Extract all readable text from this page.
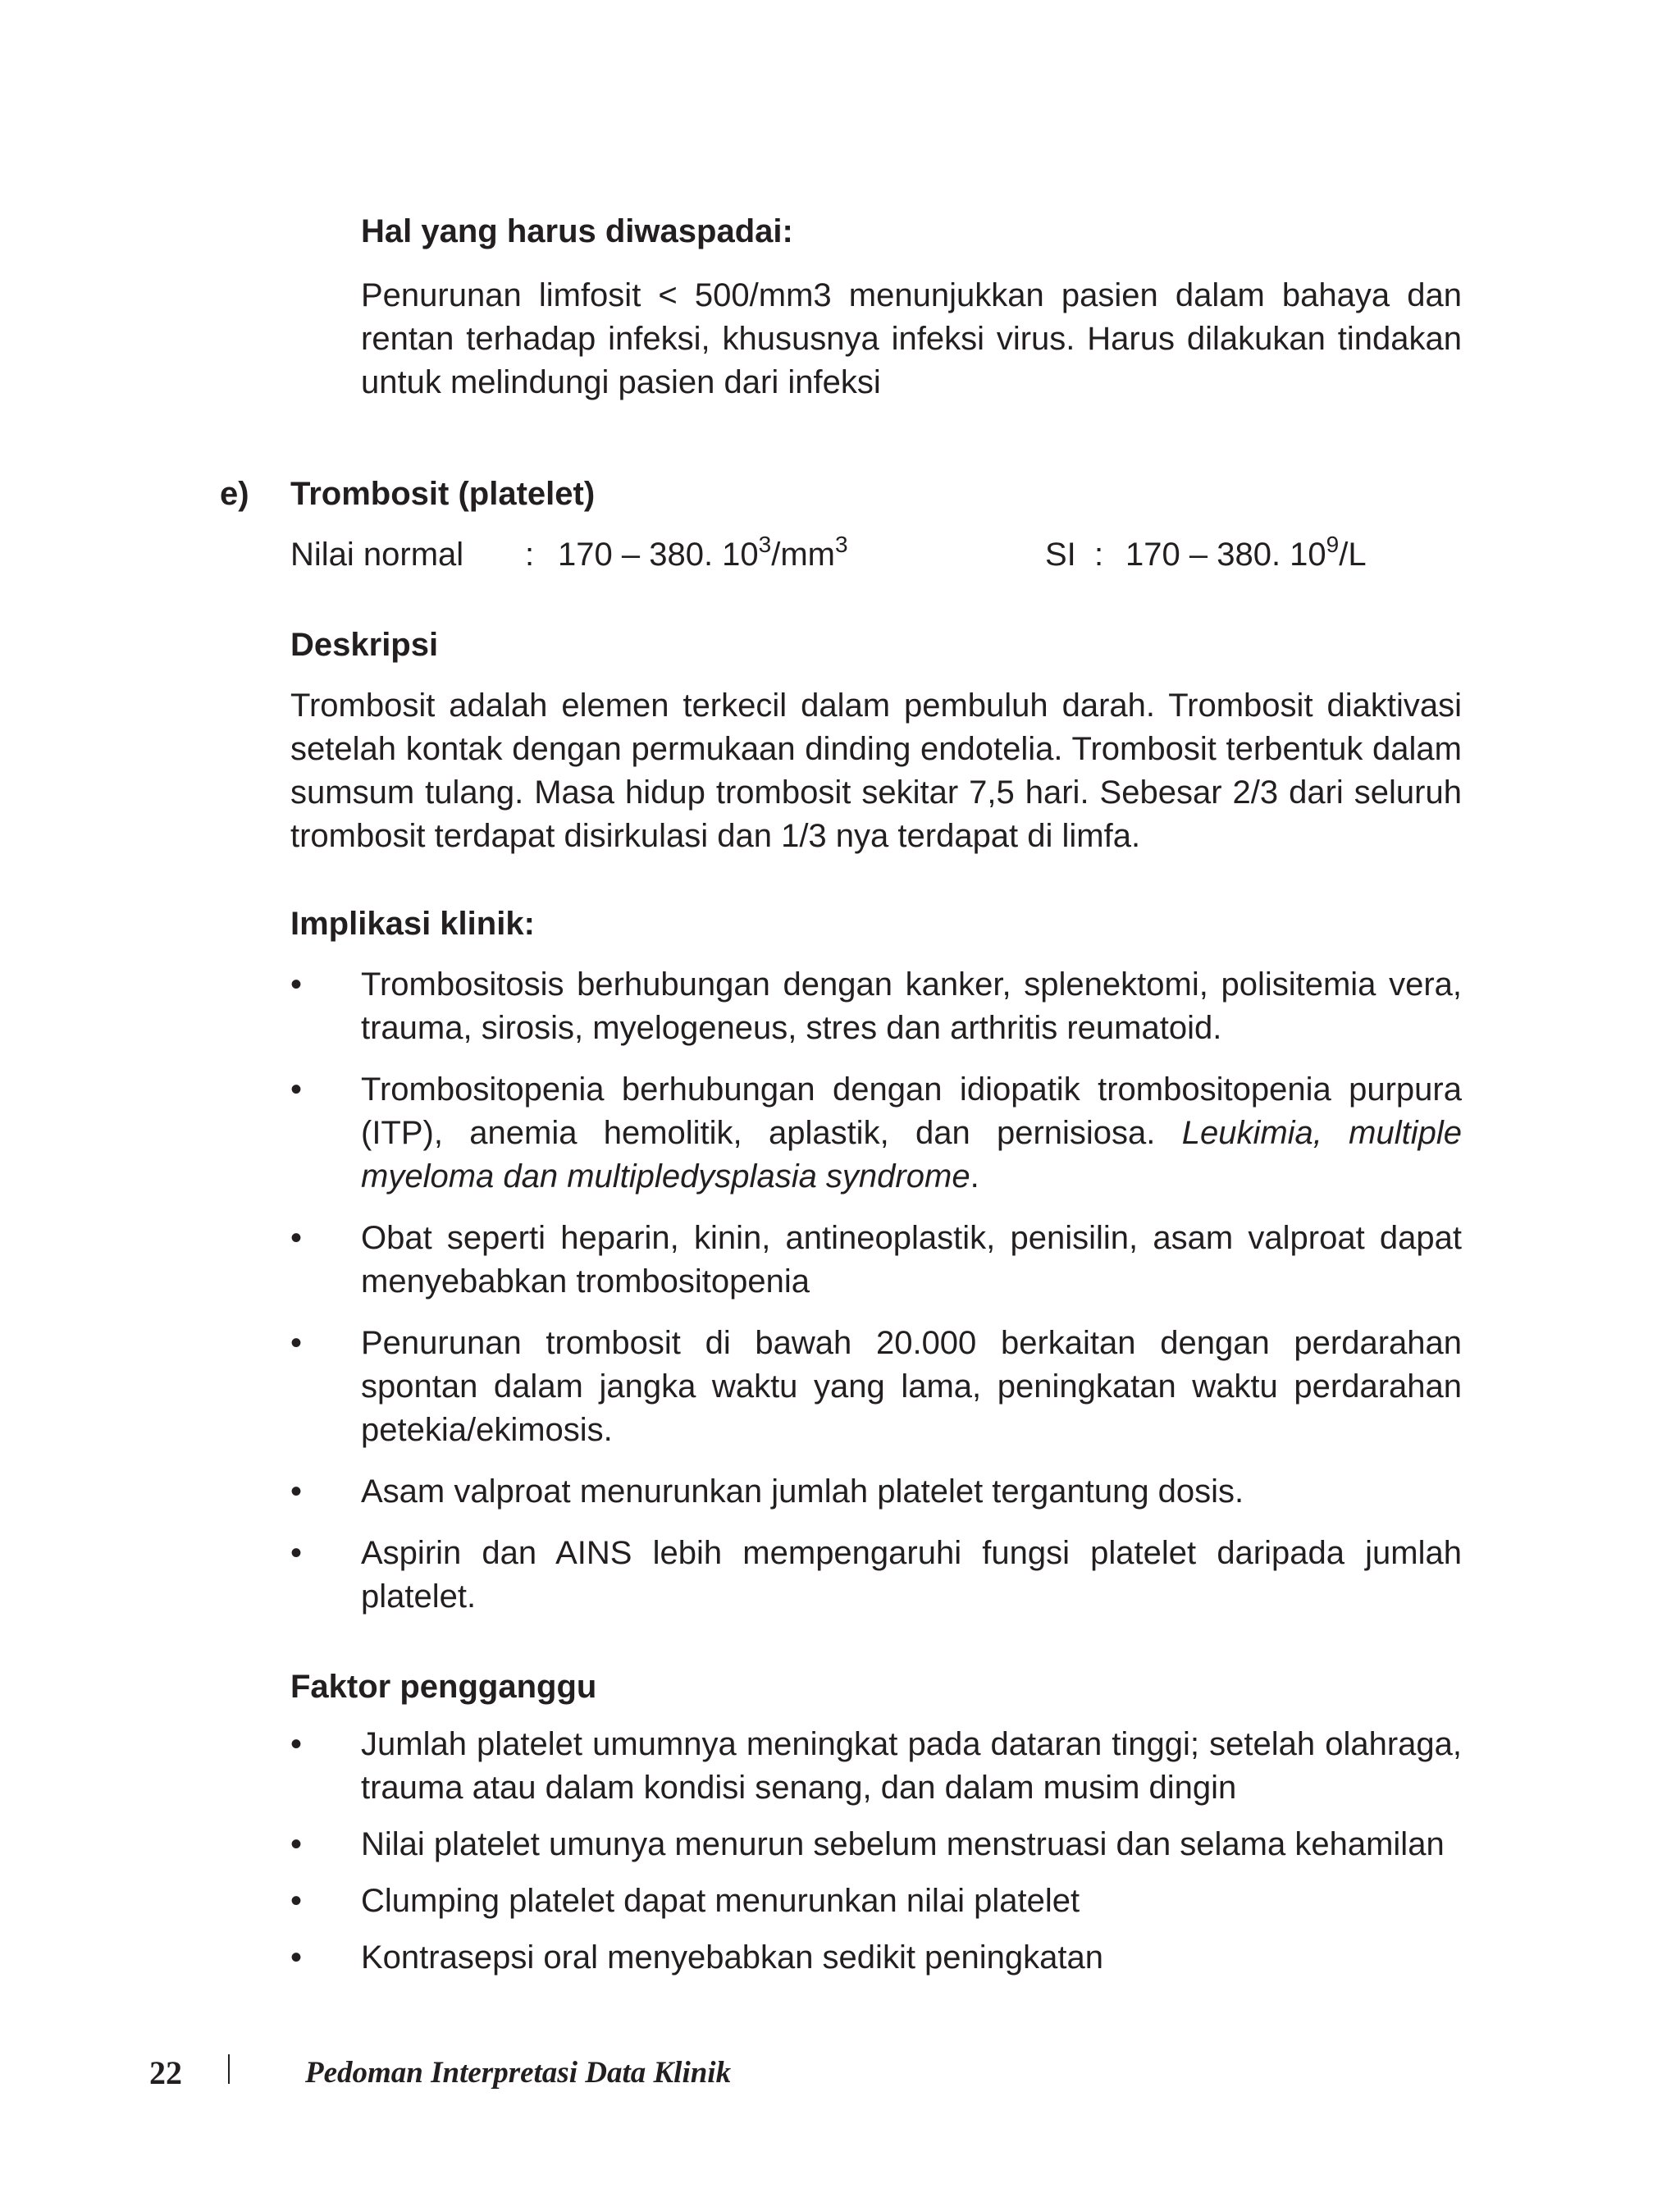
Hal yang harus diwaspadai:
Penurunan limfosit < 500/mm3 menunjukkan pasien dalam bahaya dan rentan terhadap infeksi, khususnya infeksi virus. Harus dilakukan tindakan untuk melindungi pasien dari infeksi
e) Trombosit (platelet)
Nilai normal : 170 – 380. $10^3/mm^3$	SI : 170 – 380. $10^9/L$
Deskripsi
Trombosit adalah elemen terkecil dalam pembuluh darah. Trombosit diaktivasi setelah kontak dengan permukaan dinding endotelia. Trombosit terbentuk dalam sumsum tulang. Masa hidup trombosit sekitar 7,5 hari. Sebesar 2/3 dari seluruh trombosit terdapat disirkulasi dan 1/3 nya terdapat di limfa.
Implikasi klinik:
•	Trombositosis berhubungan dengan kanker, splenektomi, polisitemia vera, trauma, sirosis, myelogeneus, stres dan arthritis reumatoid.
•	Trombositopenia berhubungan dengan idiopatik trombositopenia purpura (ITP), anemia hemolitik, aplastik, dan pernisiosa. Leukimia, multiple myeloma dan multipledysplasia syndrome.
•	Obat seperti heparin, kinin, antineoplastik, penisilin, asam valproat dapat menyebabkan trombositopenia
•	Penurunan trombosit di bawah 20.000 berkaitan dengan perdarahan spontan dalam jangka waktu yang lama, peningkatan waktu perdarahan petekia/ekimosis.
•	Asam valproat menurunkan jumlah platelet tergantung dosis.
•	Aspirin dan AINS lebih mempengaruhi fungsi platelet daripada jumlah platelet.
Faktor pengganggu
•	Jumlah platelet umumnya meningkat pada dataran tinggi; setelah olahraga, trauma atau dalam kondisi senang, dan dalam musim dingin
•	Nilai platelet umunya menurun sebelum menstruasi dan selama kehamilan
•	Clumping platelet dapat menurunkan nilai platelet
•	Kontrasepsi oral menyebabkan sedikit peningkatan
22	Pedoman Interpretasi Data Klinik
